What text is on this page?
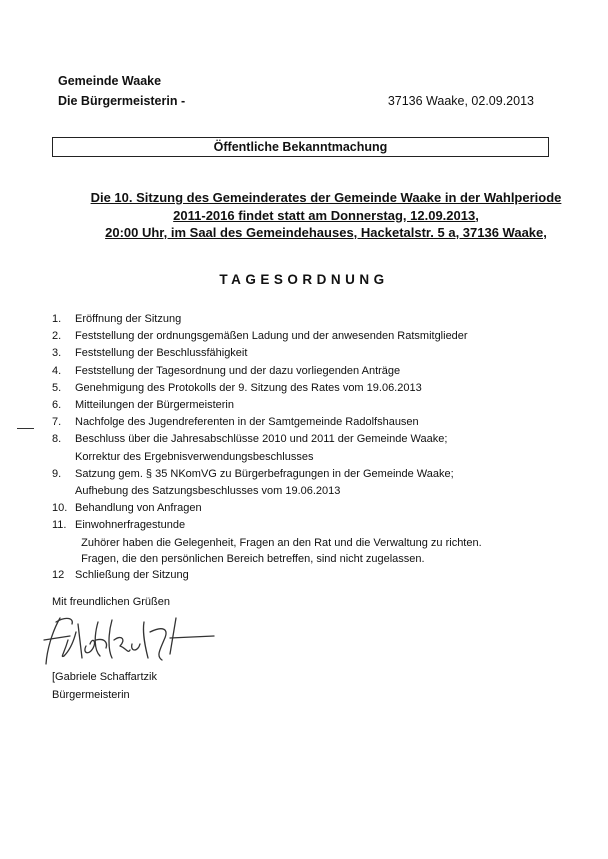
Gemeinde Waake
Die Bürgermeisterin -	37136 Waake, 02.09.2013
Öffentliche Bekanntmachung
Die 10. Sitzung des Gemeinderates der Gemeinde Waake in der Wahlperiode
2011-2016 findet statt am Donnerstag, 12.09.2013,
20:00 Uhr, im Saal des Gemeindehauses, Hacketalstr. 5 a, 37136 Waake,
TAGESORDNUNG
1.	Eröffnung der Sitzung
2.	Feststellung der ordnungsgemäßen Ladung und der anwesenden Ratsmitglieder
3.	Feststellung der Beschlussfähigkeit
4.	Feststellung der Tagesordnung und der dazu vorliegenden Anträge
5.	Genehmigung des Protokolls der 9. Sitzung des Rates vom 19.06.2013
6.	Mitteilungen der Bürgermeisterin
7.	Nachfolge des Jugendreferenten in der Samtgemeinde Radolfshausen
8.	Beschluss über die Jahresabschlüsse 2010 und 2011 der Gemeinde Waake;
Korrektur des Ergebnisverwendungsbeschlusses
9.	Satzung gem. § 35 NKomVG zu Bürgerbefragungen in der Gemeinde Waake;
Aufhebung des Satzungsbeschlusses vom 19.06.2013
10. Behandlung von Anfragen
11. Einwohnerfragestunde
Zuhörer haben die Gelegenheit, Fragen an den Rat und die Verwaltung zu richten.
Fragen, die den persönlichen Bereich betreffen, sind nicht zugelassen.
12 Schließung der Sitzung
Mit freundlichen Grüßen
[Gabriele Schaffartzik
Bürgermeisterin
